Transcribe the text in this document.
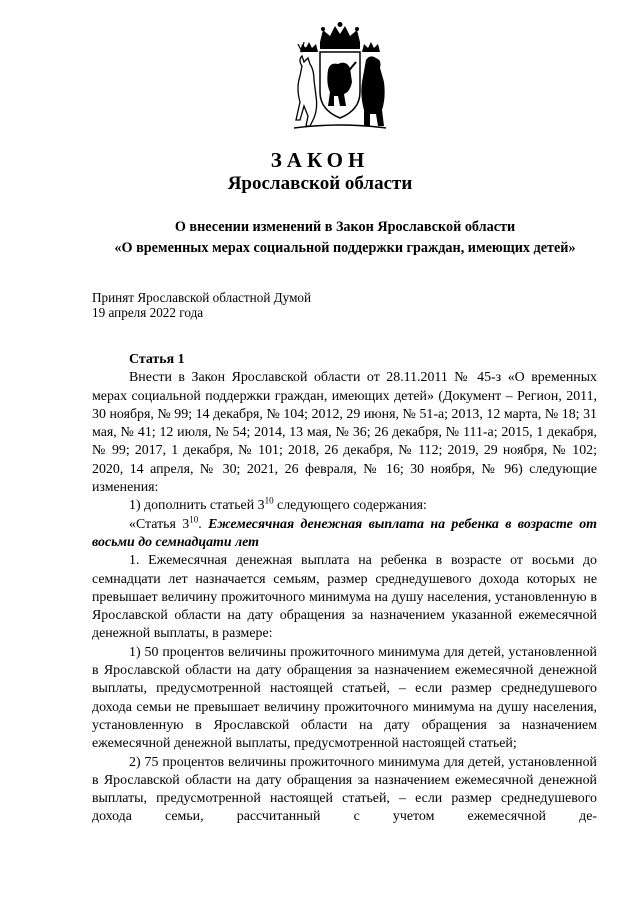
ЗАКОН
Ярославской области
О внесении изменений в Закон Ярославской области
«О временных мерах социальной поддержки граждан, имеющих детей»
Принят Ярославской областной Думой
19 апреля 2022 года

Статья 1

Внести в Закон Ярославской области от 28.11.2011 № 45-з «О временных мерах социальной поддержки граждан, имеющих детей» (Документ – Регион, 2011, 30 ноября, № 99; 14 декабря, № 104; 2012, 29 июня, № 51-а; 2013, 12 марта, № 18; 31 мая, № 41; 12 июля, № 54; 2014, 13 мая, № 36; 26 декабря, № 111-а; 2015, 1 декабря, № 99; 2017, 1 декабря, № 101; 2018, 26 декабря, № 112; 2019, 29 ноября, № 102; 2020, 14 апреля, № 30; 2021, 26 февраля, № 16; 30 ноября, № 96) следующие изменения:

1) дополнить статьей $3^{10}$ следующего содержания:

«Статья $3^{10}$. Ежемесячная денежная выплата на ребенка в возрасте от восьми до семнадцати лет

1. Ежемесячная денежная выплата на ребенка в возрасте от восьми до семнадцати лет назначается семьям, размер среднедушевого дохода которых не превышает величину прожиточного минимума на душу населения, установленную в Ярославской области на дату обращения за назначением указанной ежемесячной денежной выплаты, в размере:

1) 50 процентов величины прожиточного минимума для детей, установленной в Ярославской области на дату обращения за назначением ежемесячной денежной выплаты, предусмотренной настоящей статьей, – если размер среднедушевого дохода семьи не превышает величину прожиточного минимума на душу населения, установленную в Ярославской области на дату обращения за назначением ежемесячной денежной выплаты, предусмотренной настоящей статьей;

2) 75 процентов величины прожиточного минимума для детей, установленной в Ярославской области на дату обращения за назначением ежемесячной денежной выплаты, предусмотренной настоящей статьей, – если размер среднедушевого дохода семьи, рассчитанный с учетом ежемесячной де-
